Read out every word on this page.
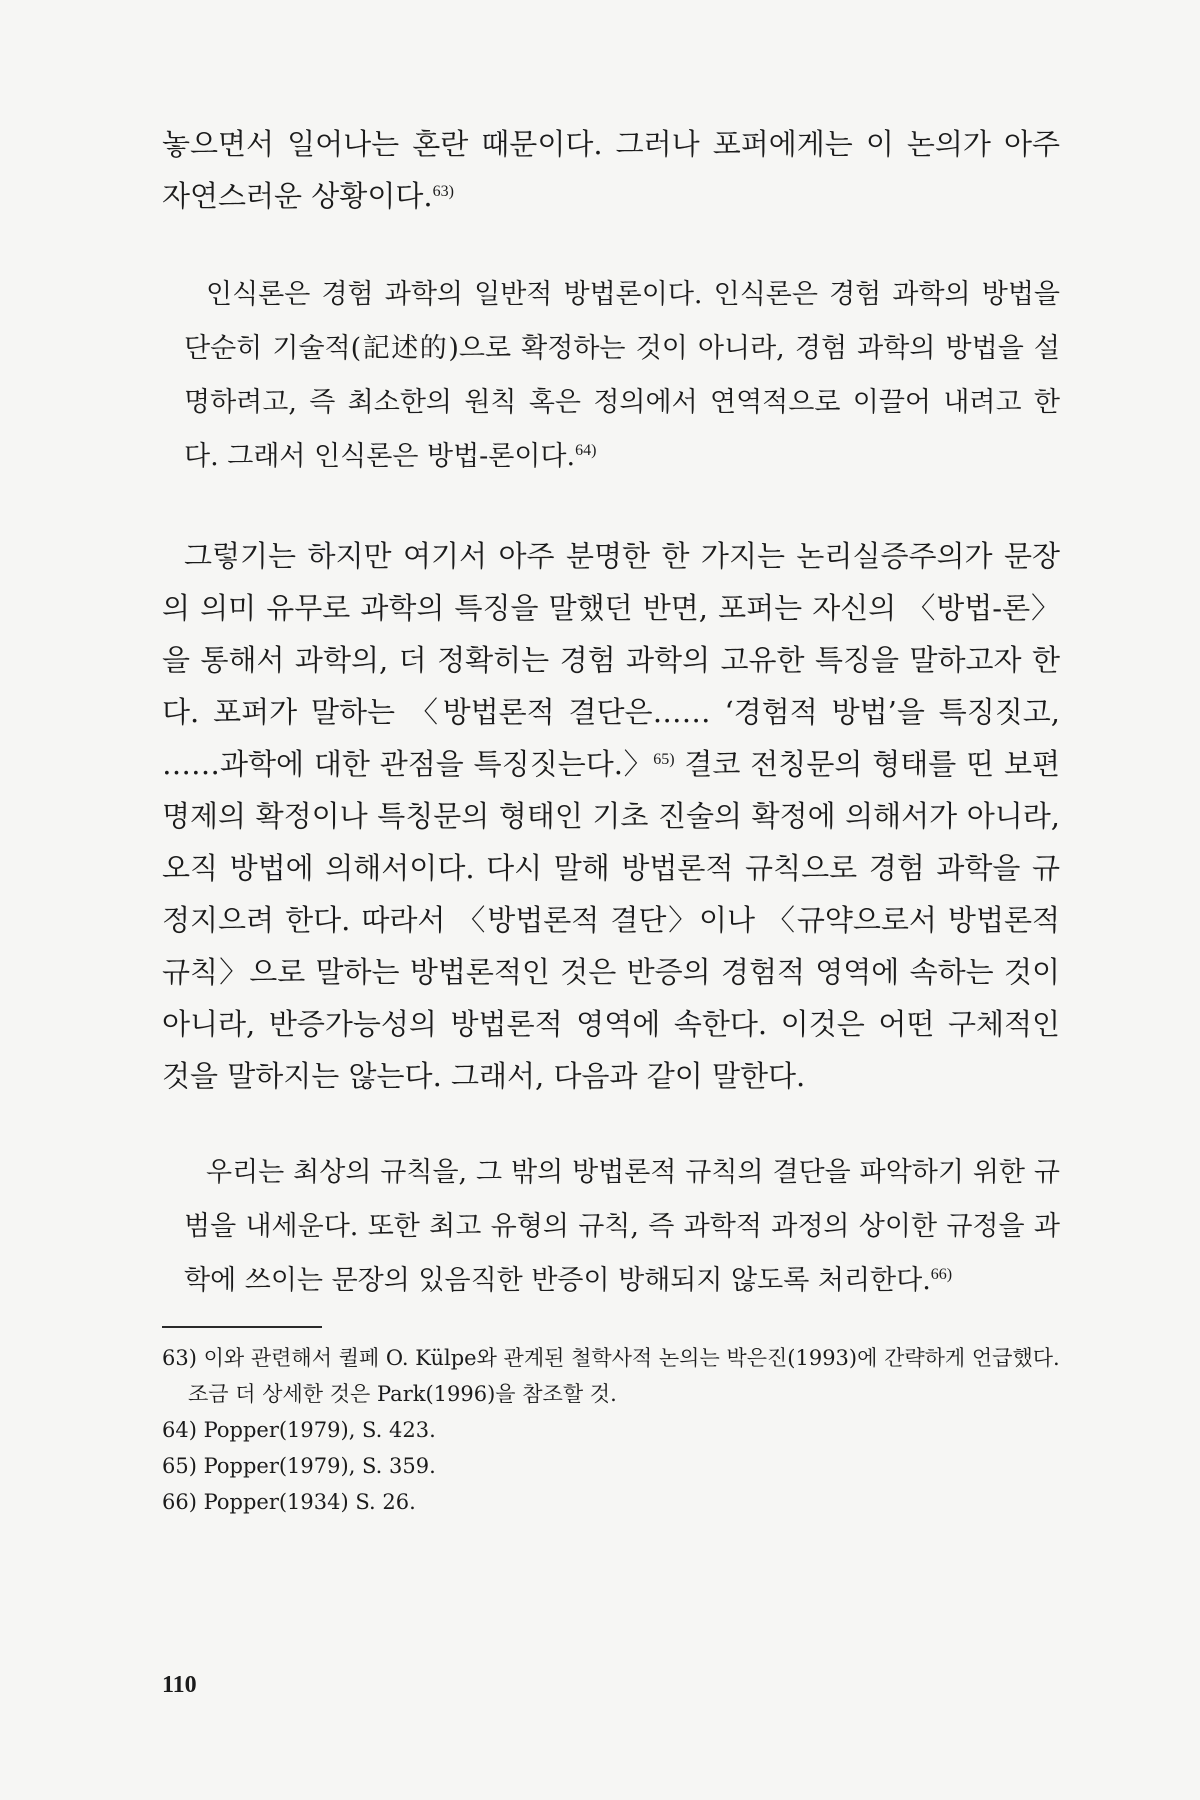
놓으면서 일어나는 혼란 때문이다. 그러나 포퍼에게는 이 논의가 아주 자연스러운 상황이다.$^{63)}$

인식론은 경험 과학의 일반적 방법론이다. 인식론은 경험 과학의 방법을 단순히 기술적(記述的)으로 확정하는 것이 아니라, 경험 과학의 방법을 설명하려고, 즉 최소한의 원칙 혹은 정의에서 연역적으로 이끌어 내려고 한다. 그래서 인식론은 방법-론이다.$^{64)}$

그렇기는 하지만 여기서 아주 분명한 한 가지는 논리실증주의가 문장의 의미 유무로 과학의 특징을 말했던 반면, 포퍼는 자신의 〈방법-론〉을 통해서 과학의, 더 정확히는 경험 과학의 고유한 특징을 말하고자 한다. 포퍼가 말하는 〈방법론적 결단은…… ‘경험적 방법’을 특징짓고, ……과학에 대한 관점을 특징짓는다.〉$^{65)}$ 결코 전칭문의 형태를 띤 보편 명제의 확정이나 특칭문의 형태인 기초 진술의 확정에 의해서가 아니라, 오직 방법에 의해서이다. 다시 말해 방법론적 규칙으로 경험 과학을 규정지으려 한다. 따라서 〈방법론적 결단〉이나 〈규약으로서 방법론적 규칙〉으로 말하는 방법론적인 것은 반증의 경험적 영역에 속하는 것이 아니라, 반증가능성의 방법론적 영역에 속한다. 이것은 어떤 구체적인 것을 말하지는 않는다. 그래서, 다음과 같이 말한다.

우리는 최상의 규칙을, 그 밖의 방법론적 규칙의 결단을 파악하기 위한 규범을 내세운다. 또한 최고 유형의 규칙, 즉 과학적 과정의 상이한 규정을 과학에 쓰이는 문장의 있음직한 반증이 방해되지 않도록 처리한다.$^{66)}$

63) 이와 관련해서 퀼페 O. Külpe와 관계된 철학사적 논의는 박은진(1993)에 간략하게 언급했다. 조금 더 상세한 것은 Park(1996)을 참조할 것.

64) Popper(1979), S. 423.

65) Popper(1979), S. 359.

66) Popper(1934) S. 26.

110
